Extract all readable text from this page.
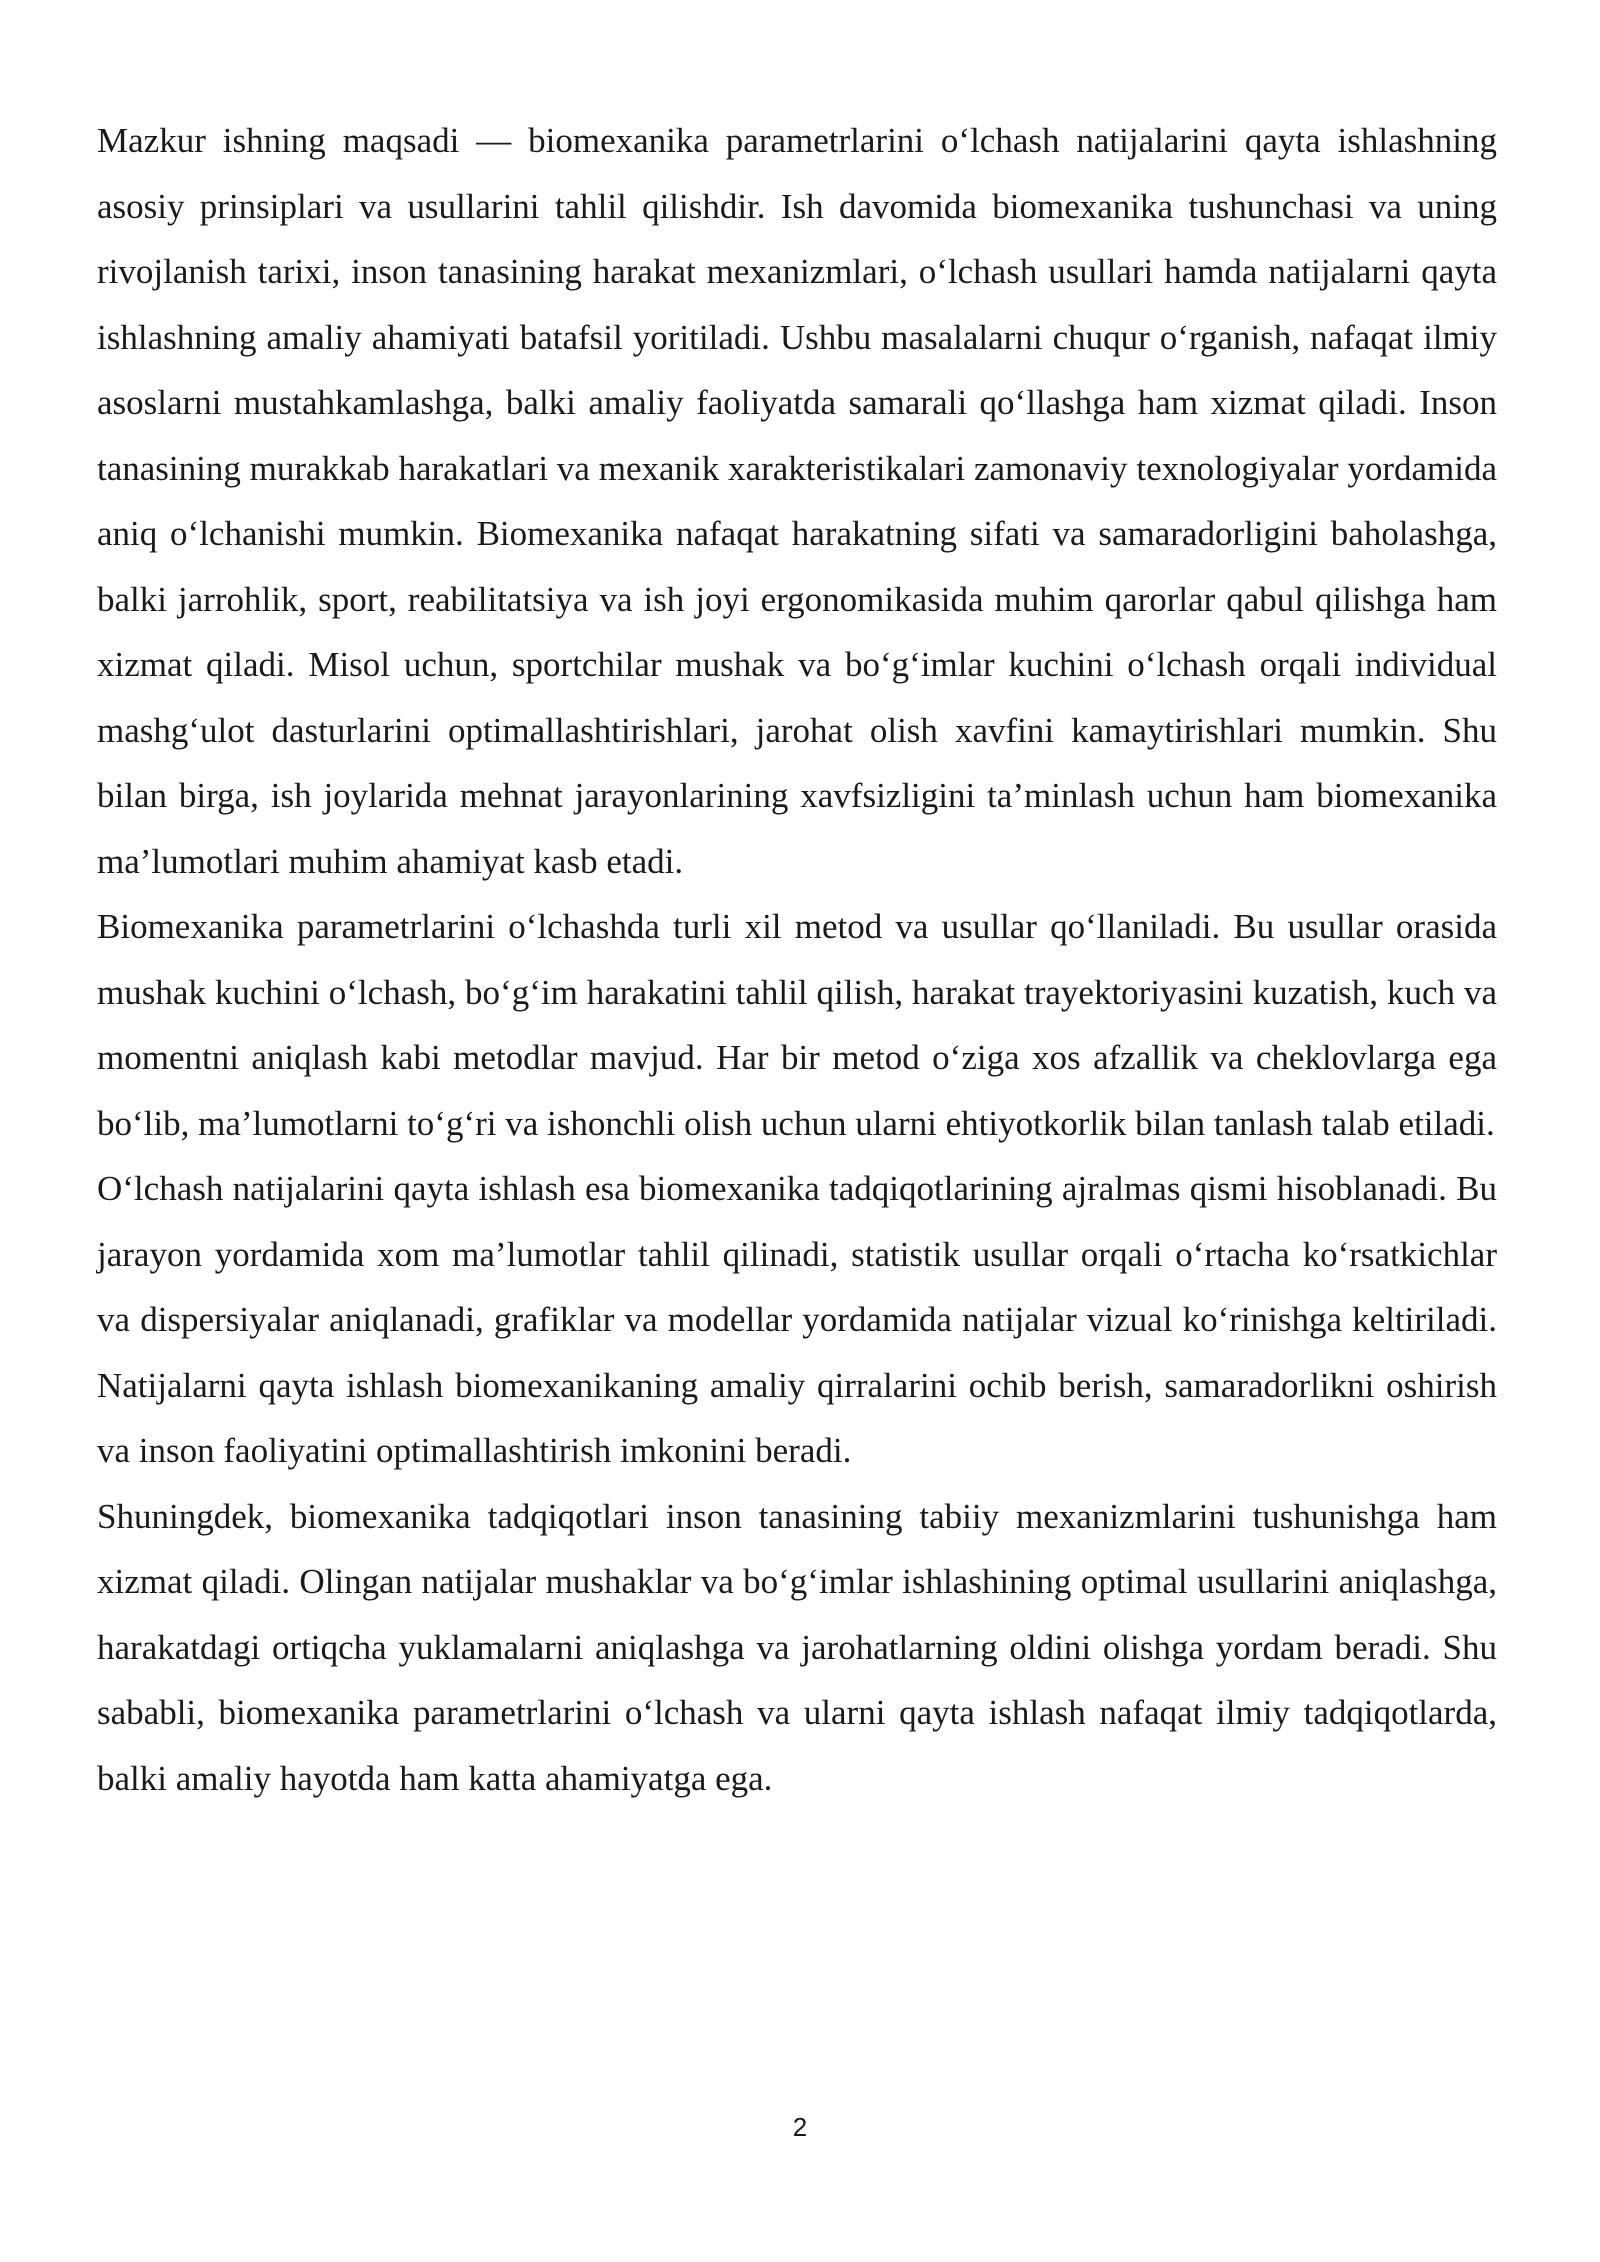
Mazkur ishning maqsadi — biomexanika parametrlarini o‘lchash natijalarini qayta ishlashning asosiy prinsiplari va usullarini tahlil qilishdir. Ish davomida biomexanika tushunchasi va uning rivojlanish tarixi, inson tanasining harakat mexanizmlari, o‘lchash usullari hamda natijalarni qayta ishlashning amaliy ahamiyati batafsil yoritiladi. Ushbu masalalarni chuqur o‘rganish, nafaqat ilmiy asoslarni mustahkamlashga, balki amaliy faoliyatda samarali qo‘llashga ham xizmat qiladi. Inson tanasining murakkab harakatlari va mexanik xarakteristikalari zamonaviy texnologiyalar yordamida aniq o‘lchanishi mumkin. Biomexanika nafaqat harakatning sifati va samaradorligini baholashga, balki jarrohlik, sport, reabilitatsiya va ish joyi ergonomikasida muhim qarorlar qabul qilishga ham xizmat qiladi. Misol uchun, sportchilar mushak va bo‘g‘imlar kuchini o‘lchash orqali individual mashg‘ulot dasturlarini optimallashtirishlari, jarohat olish xavfini kamaytirishlari mumkin. Shu bilan birga, ish joylarida mehnat jarayonlarining xavfsizligini ta’minlash uchun ham biomexanika ma’lumotlari muhim ahamiyat kasb etadi.

Biomexanika parametrlarini o‘lchashda turli xil metod va usullar qo‘llaniladi. Bu usullar orasida mushak kuchini o‘lchash, bo‘g‘im harakatini tahlil qilish, harakat trayektoriyasini kuzatish, kuch va momentni aniqlash kabi metodlar mavjud. Har bir metod o‘ziga xos afzallik va cheklovlarga ega bo‘lib, ma’lumotlarni to‘g‘ri va ishonchli olish uchun ularni ehtiyotkorlik bilan tanlash talab etiladi.

O‘lchash natijalarini qayta ishlash esa biomexanika tadqiqotlarining ajralmas qismi hisoblanadi. Bu jarayon yordamida xom ma’lumotlar tahlil qilinadi, statistik usullar orqali o‘rtacha ko‘rsatkichlar va dispersiyalar aniqlanadi, grafiklar va modellar yordamida natijalar vizual ko‘rinishga keltiriladi. Natijalarni qayta ishlash biomexanikaning amaliy qirralarini ochib berish, samaradorlikni oshirish va inson faoliyatini optimallashtirish imkonini beradi.

Shuningdek, biomexanika tadqiqotlari inson tanasining tabiiy mexanizmlarini tushunishga ham xizmat qiladi. Olingan natijalar mushaklar va bo‘g‘imlar ishlashining optimal usullarini aniqlashga, harakatdagi ortiqcha yuklamalarni aniqlashga va jarohatlarning oldini olishga yordam beradi. Shu sababli, biomexanika parametrlarini o‘lchash va ularni qayta ishlash nafaqat ilmiy tadqiqotlarda, balki amaliy hayotda ham katta ahamiyatga ega.

2
